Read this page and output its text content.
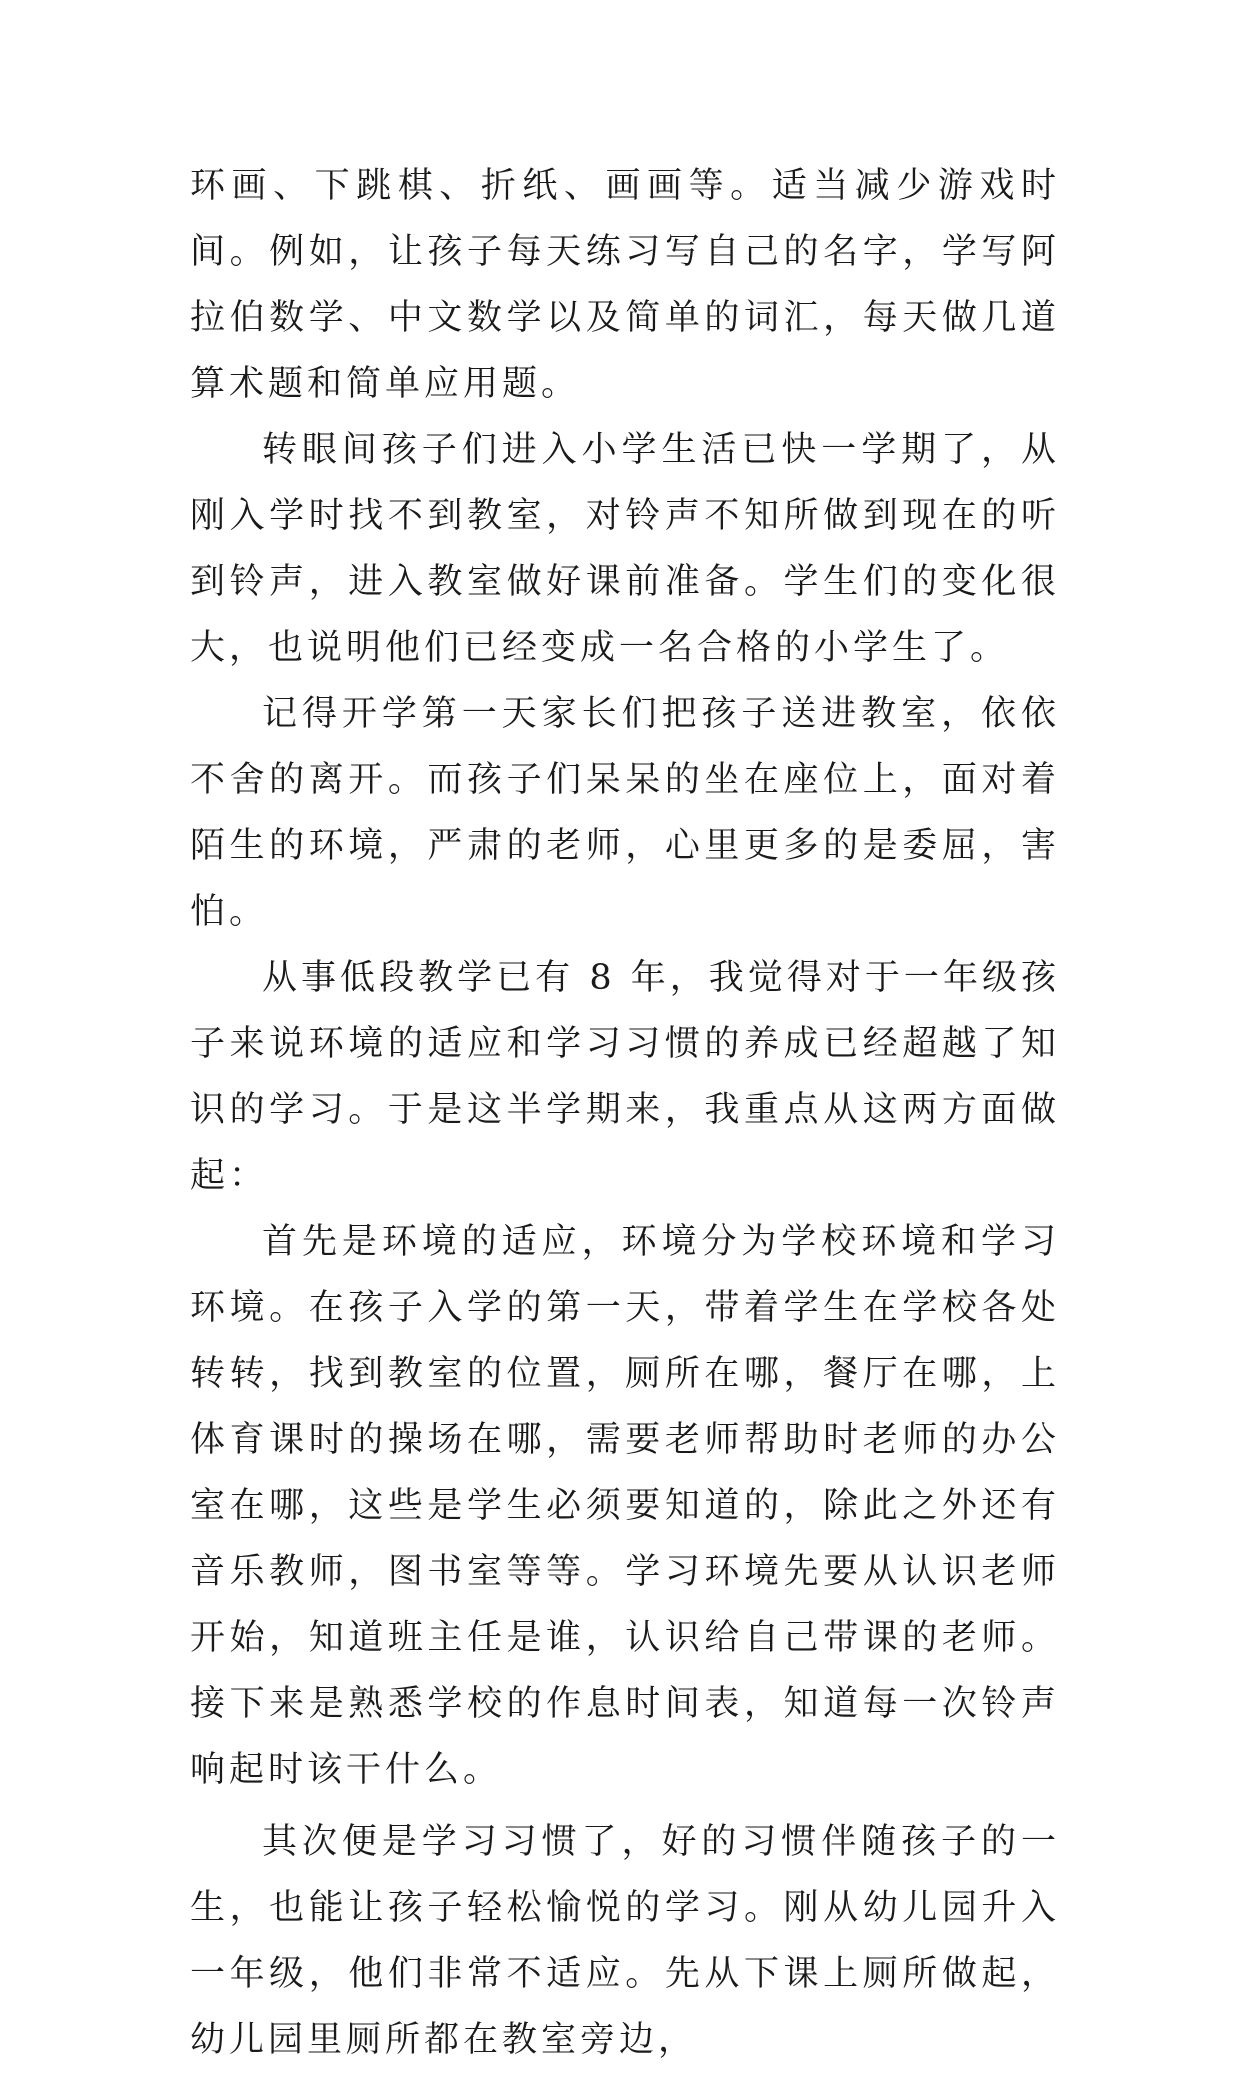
环画、下跳棋、折纸、画画等。适当减少游戏时间。例如，让孩子每天练习写自己的名字，学写阿拉伯数学、中文数学以及简单的词汇，每天做几道算术题和简单应用题。

转眼间孩子们进入小学生活已快一学期了，从刚入学时找不到教室，对铃声不知所做到现在的听到铃声，进入教室做好课前准备。学生们的变化很大，也说明他们已经变成一名合格的小学生了。

记得开学第一天家长们把孩子送进教室，依依不舍的离开。而孩子们呆呆的坐在座位上，面对着陌生的环境，严肃的老师，心里更多的是委屈，害怕。

从事低段教学已有 8 年，我觉得对于一年级孩子来说环境的适应和学习习惯的养成已经超越了知识的学习。于是这半学期来，我重点从这两方面做起：

首先是环境的适应，环境分为学校环境和学习环境。在孩子入学的第一天，带着学生在学校各处转转，找到教室的位置，厕所在哪，餐厅在哪，上体育课时的操场在哪，需要老师帮助时老师的办公室在哪，这些是学生必须要知道的，除此之外还有音乐教师，图书室等等。学习环境先要从认识老师开始，知道班主任是谁，认识给自己带课的老师。接下来是熟悉学校的作息时间表，知道每一次铃声响起时该干什么。

其次便是学习习惯了，好的习惯伴随孩子的一生，也能让孩子轻松愉悦的学习。刚从幼儿园升入一年级，他们非常不适应。先从下课上厕所做起，幼儿园里厕所都在教室旁边，
